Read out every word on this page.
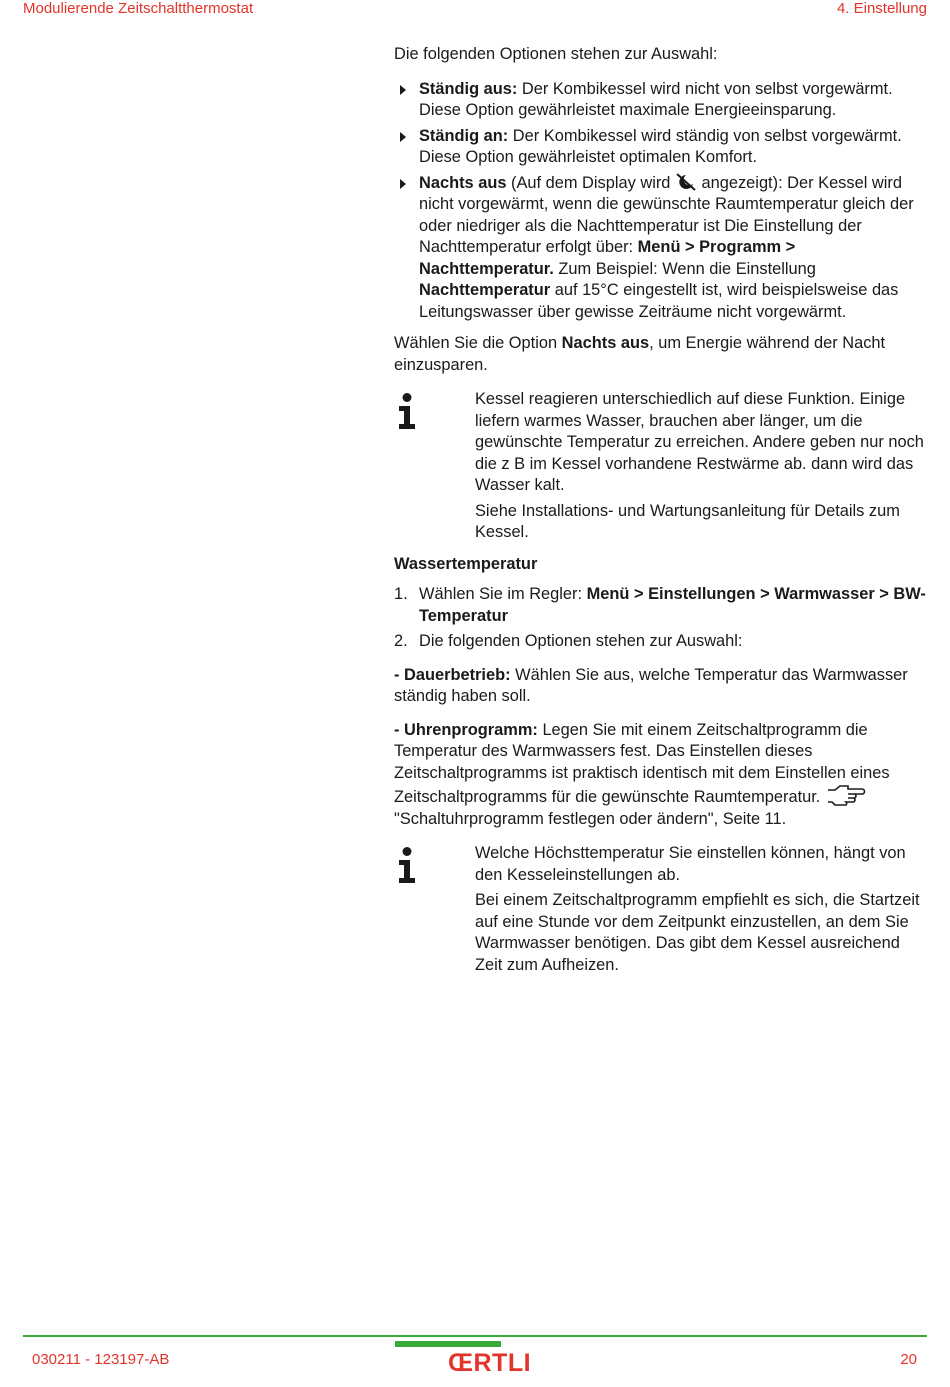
Modulierende Zeitschaltthermostat	4. Einstellung

Die folgenden Optionen stehen zur Auswahl:

Ständig aus: Der Kombikessel wird nicht von selbst vorgewärmt. Diese Option gewährleistet maximale Energieeinsparung.
Ständig an: Der Kombikessel wird ständig von selbst vorgewärmt. Diese Option gewährleistet optimalen Komfort.
Nachts aus (Auf dem Display wird  angezeigt): Der Kessel wird nicht vorgewärmt, wenn die gewünschte Raumtemperatur gleich der oder niedriger als die Nachttemperatur ist Die Einstellung der Nachttemperatur erfolgt über: Menü > Programm > Nachttemperatur. Zum Beispiel: Wenn die Einstellung Nachttemperatur auf 15°C eingestellt ist, wird beispielsweise das Leitungswasser über gewisse Zeiträume nicht vorgewärmt.

Wählen Sie die Option Nachts aus, um Energie während der Nacht einzusparen.

Kessel reagieren unterschiedlich auf diese Funktion. Einige liefern warmes Wasser, brauchen aber länger, um die gewünschte Temperatur zu erreichen. Andere geben nur noch die z B im Kessel vorhandene Restwärme ab. dann wird das Wasser kalt.

Siehe Installations- und Wartungsanleitung für Details zum Kessel.

Wassertemperatur

1. Wählen Sie im Regler: Menü > Einstellungen > Warmwasser > BW-Temperatur
2. Die folgenden Optionen stehen zur Auswahl:

- Dauerbetrieb: Wählen Sie aus, welche Temperatur das Warmwasser ständig haben soll.

- Uhrenprogramm: Legen Sie mit einem Zeitschaltprogramm die Temperatur des Warmwassers fest. Das Einstellen dieses Zeitschaltprogramms ist praktisch identisch mit dem Einstellen eines Zeitschaltprogramms für die gewünschte Raumtemperatur.
"Schaltuhrprogramm festlegen oder ändern", Seite 11.

Welche Höchsttemperatur Sie einstellen können, hängt von den Kesseleinstellungen ab.

Bei einem Zeitschaltprogramm empfiehlt es sich, die Startzeit auf eine Stunde vor dem Zeitpunkt einzustellen, an dem Sie Warmwasser benötigen. Das gibt dem Kessel ausreichend Zeit zum Aufheizen.

030211 - 123197-AB	ŒRTLI	20
